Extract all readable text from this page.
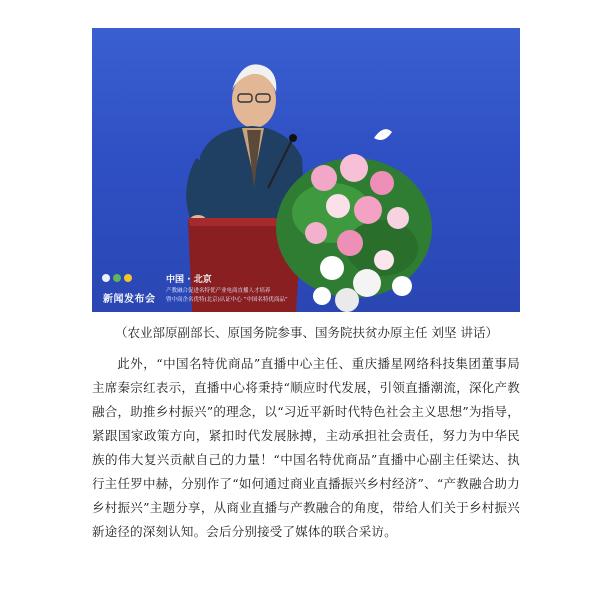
新闻发布会
中国 · 北京
产教融合促进名特优产业电商直播人才培养
暨中商企名优特(北京)认证中心 “中国名特优商品”
（农业部原副部长、原国务院参事、国务院扶贫办原主任 刘坚 讲话）
此外，“中国名特优商品”直播中心主任、重庆播星网络科技集团董事局主席秦宗红表示，直播中心将秉持“顺应时代发展，引领直播潮流，深化产教融合，助推乡村振兴”的理念，以“习近平新时代特色社会主义思想”为指导，紧跟国家政策方向，紧扣时代发展脉搏，主动承担社会责任，努力为中华民族的伟大复兴贡献自己的力量！“中国名特优商品”直播中心副主任梁达、执行主任罗中赫，分别作了“如何通过商业直播振兴乡村经济”、“产教融合助力乡村振兴”主题分享，从商业直播与产教融合的角度，带给人们关于乡村振兴新途径的深刻认知。会后分别接受了媒体的联合采访。
